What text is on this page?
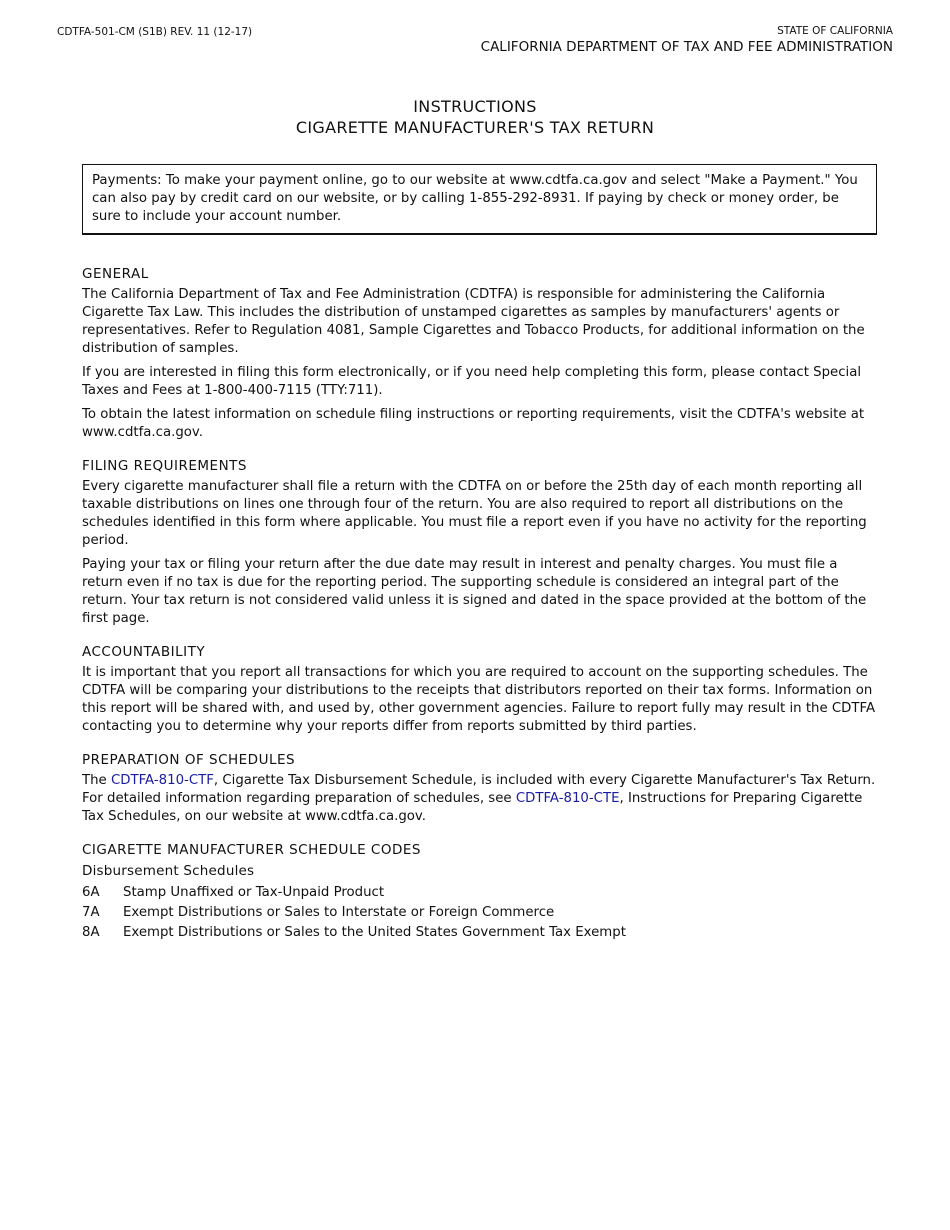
CDTFA-501-CM (S1B) REV. 11 (12-17)	STATE OF CALIFORNIA
CALIFORNIA DEPARTMENT OF TAX AND FEE ADMINISTRATION
INSTRUCTIONS
CIGARETTE MANUFACTURER'S TAX RETURN
Payments: To make your payment online, go to our website at www.cdtfa.ca.gov and select "Make a Payment." You can also pay by credit card on our website, or by calling 1-855-292-8931. If paying by check or money order, be sure to include your account number.
GENERAL

The California Department of Tax and Fee Administration (CDTFA) is responsible for administering the California Cigarette Tax Law. This includes the distribution of unstamped cigarettes as samples by manufacturers' agents or representatives. Refer to Regulation 4081, Sample Cigarettes and Tobacco Products, for additional information on the distribution of samples.

If you are interested in filing this form electronically, or if you need help completing this form, please contact Special Taxes and Fees at 1-800-400-7115 (TTY:711).

To obtain the latest information on schedule filing instructions or reporting requirements, visit the CDTFA's website at www.cdtfa.ca.gov.

FILING REQUIREMENTS

Every cigarette manufacturer shall file a return with the CDTFA on or before the 25th day of each month reporting all taxable distributions on lines one through four of the return. You are also required to report all distributions on the schedules identified in this form where applicable. You must file a report even if you have no activity for the reporting period.

Paying your tax or filing your return after the due date may result in interest and penalty charges. You must file a return even if no tax is due for the reporting period. The supporting schedule is considered an integral part of the return. Your tax return is not considered valid unless it is signed and dated in the space provided at the bottom of the first page.

ACCOUNTABILITY

It is important that you report all transactions for which you are required to account on the supporting schedules. The CDTFA will be comparing your distributions to the receipts that distributors reported on their tax forms. Information on this report will be shared with, and used by, other government agencies. Failure to report fully may result in the CDTFA contacting you to determine why your reports differ from reports submitted by third parties.

PREPARATION OF SCHEDULES

The CDTFA-810-CTF, Cigarette Tax Disbursement Schedule, is included with every Cigarette Manufacturer's Tax Return. For detailed information regarding preparation of schedules, see CDTFA-810-CTE, Instructions for Preparing Cigarette Tax Schedules, on our website at www.cdtfa.ca.gov.

CIGARETTE MANUFACTURER SCHEDULE CODES
Disbursement Schedules
6A	Stamp Unaffixed or Tax-Unpaid Product
7A	Exempt Distributions or Sales to Interstate or Foreign Commerce
8A	Exempt Distributions or Sales to the United States Government Tax Exempt
